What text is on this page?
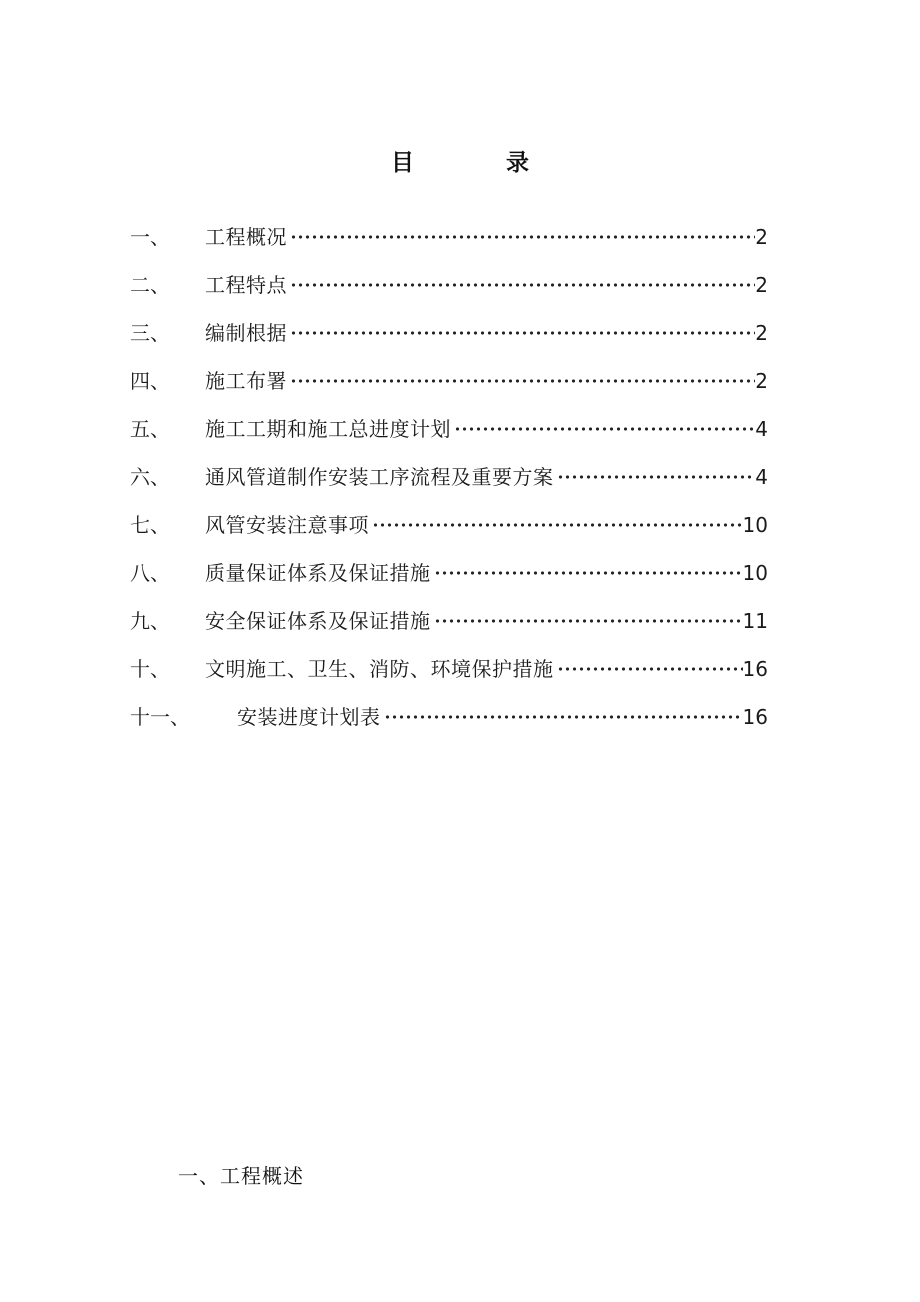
目　　　　录
一、	工程概况	2
二、	工程特点	2
三、	编制根据	2
四、	施工布署	2
五、	施工工期和施工总进度计划	4
六、	通风管道制作安装工序流程及重要方案	4
七、	风管安装注意事项	10
八、	质量保证体系及保证措施	10
九、	安全保证体系及保证措施	11
十、	文明施工、卫生、消防、环境保护措施	16
十一、	安装进度计划表	16
一、工程概述
